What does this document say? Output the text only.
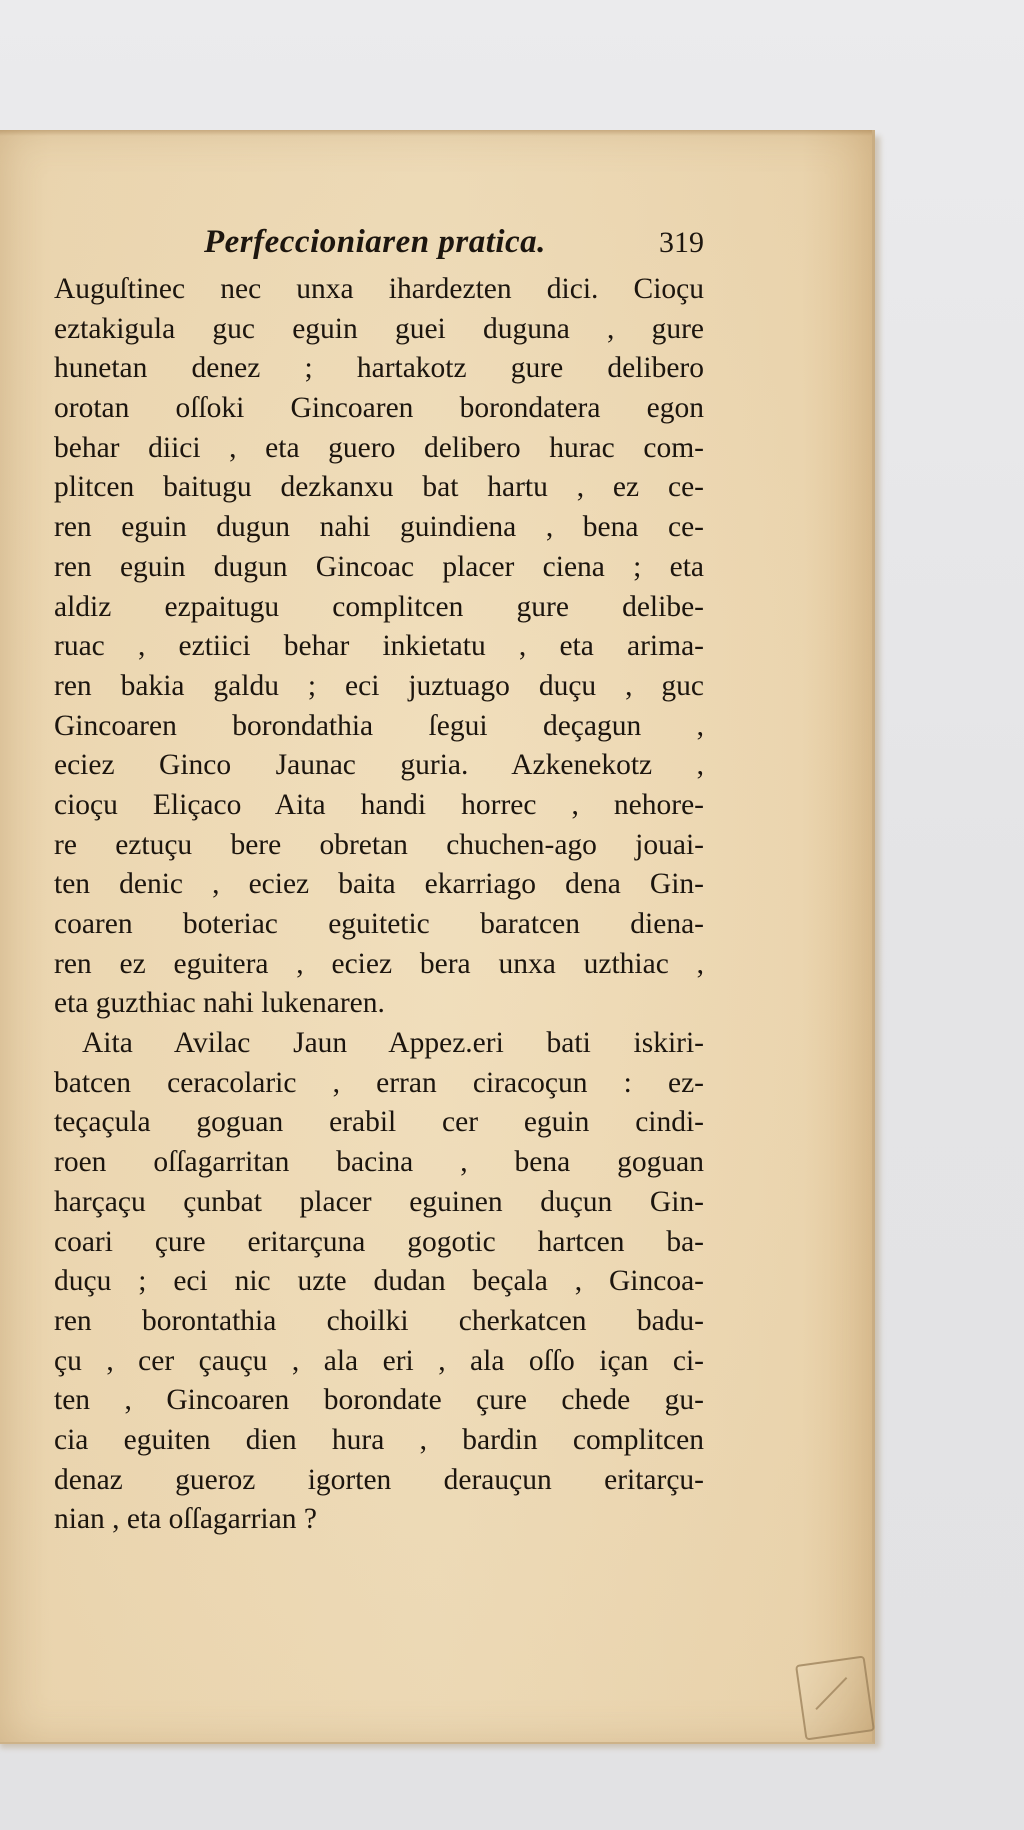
Perfeccioniaren pratica.	319
Auguſtinec nec unxa ihardezten dici. Cioçu
eztakigula guc eguin guei duguna , gure
hunetan denez ; hartakotz gure delibero
orotan oſſoki Gincoaren borondatera egon
behar diici , eta guero delibero hurac com-
plitcen baitugu dezkanxu bat hartu , ez ce-
ren eguin dugun nahi guindiena , bena ce-
ren eguin dugun Gincoac placer ciena ; eta
aldiz ezpaitugu complitcen gure delibe-
ruac , eztiici behar inkietatu , eta arima-
ren bakia galdu ; eci juztuago duçu , guc
Gincoaren borondathia ſegui deçagun ,
eciez Ginco Jaunac guria. Azkenekotz ,
cioçu Eliçaco Aita handi horrec , nehore-
re eztuçu bere obretan chuchen-ago jouai-
ten denic , eciez baita ekarriago dena Gin-
coaren boteriac eguitetic baratcen diena-
ren ez eguitera , eciez bera unxa uzthiac ,
eta guzthiac nahi lukenaren.
Aita Avilac Jaun Appez.eri bati iskiri-
batcen ceracolaric , erran ciracoçun : ez-
teçaçula goguan erabil cer eguin cindi-
roen oſſagarritan bacina , bena goguan
harçaçu çunbat placer eguinen duçun Gin-
coari çure eritarçuna gogotic hartcen ba-
duçu ; eci nic uzte dudan beçala , Gincoa-
ren borontathia choilki cherkatcen badu-
çu , cer çauçu , ala eri , ala oſſo içan ci-
ten , Gincoaren borondate çure chede gu-
cia eguiten dien hura , bardin complitcen
denaz gueroz igorten derauçun eritarçu-
nian , eta oſſagarrian ?
